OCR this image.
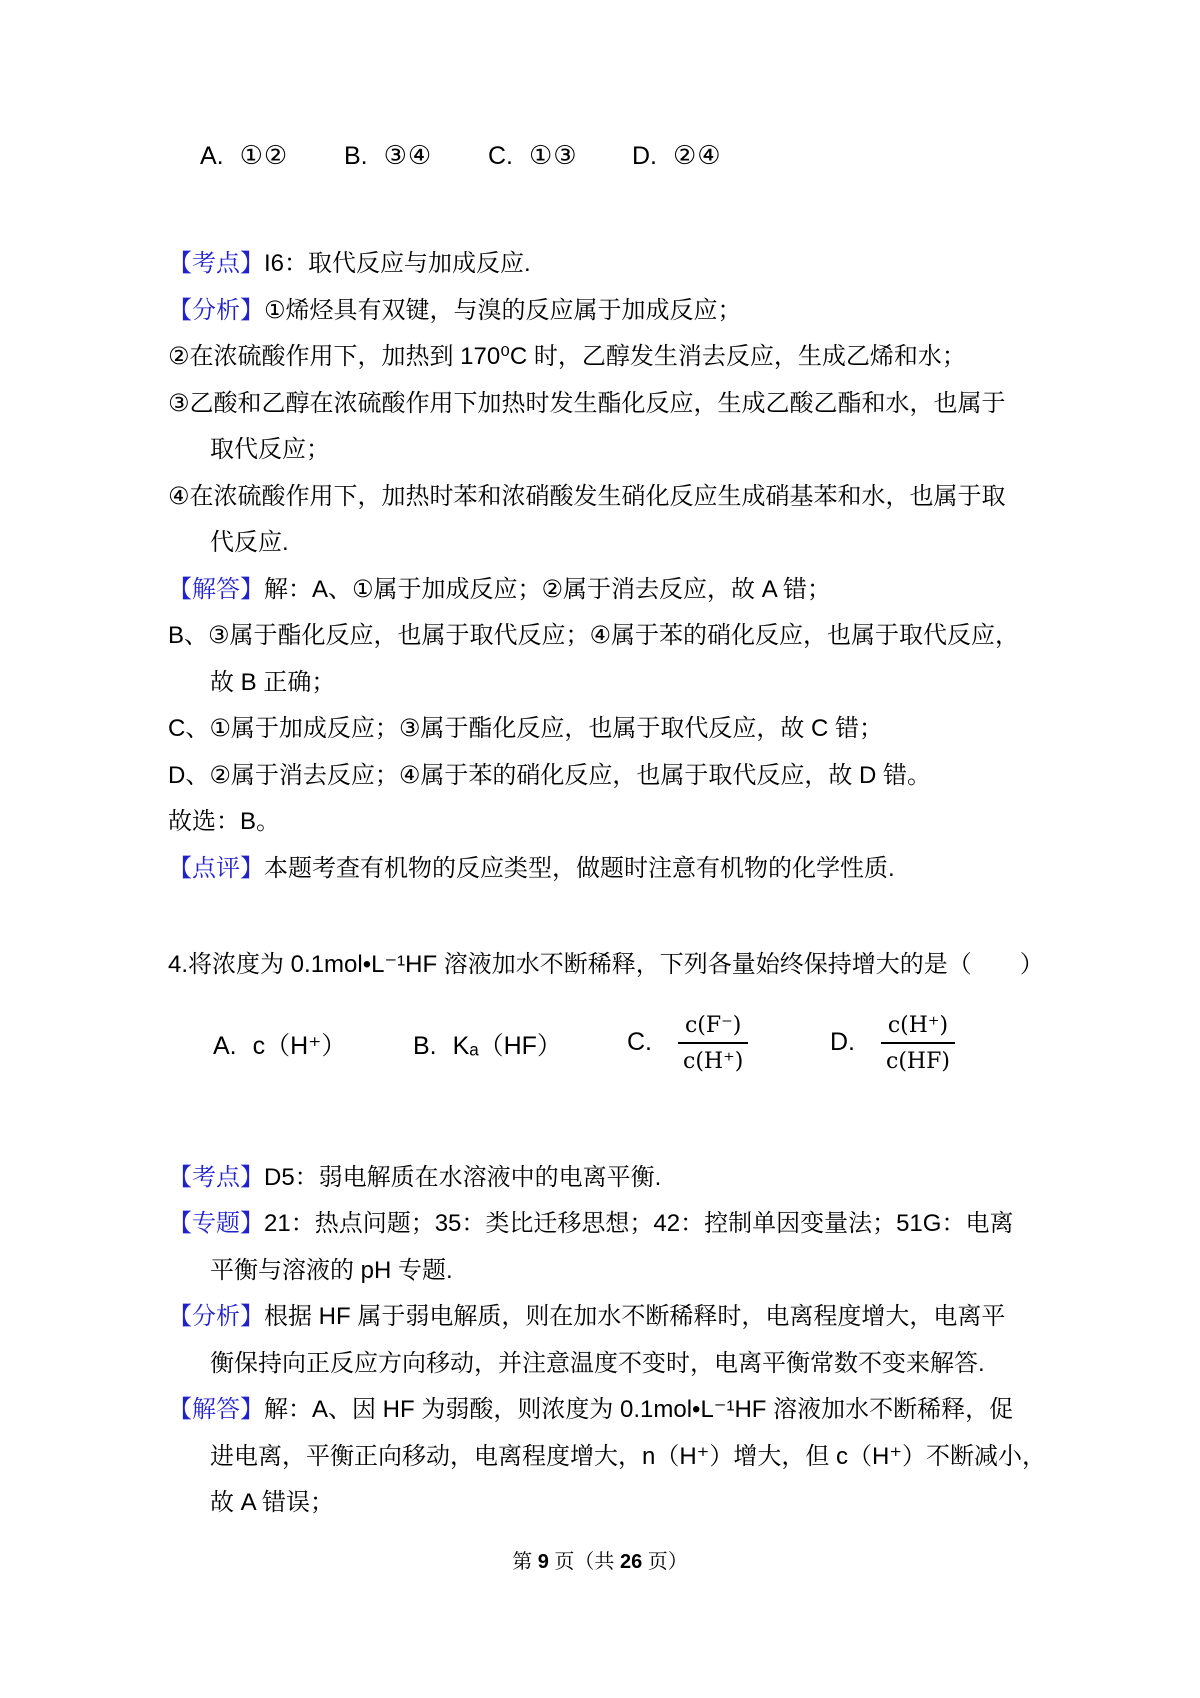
A. ①②	B. ③④	C. ①③	D. ②④

【考点】I6：取代反应与加成反应.

【分析】①烯烃具有双键，与溴的反应属于加成反应；

②在浓硫酸作用下，加热到 170⁰C 时，乙醇发生消去反应，生成乙烯和水；

③乙酸和乙醇在浓硫酸作用下加热时发生酯化反应，生成乙酸乙酯和水，也属于

取代反应；

④在浓硫酸作用下，加热时苯和浓硝酸发生硝化反应生成硝基苯和水，也属于取

代反应.

【解答】解：A、①属于加成反应；②属于消去反应，故 A 错；

B、③属于酯化反应，也属于取代反应；④属于苯的硝化反应，也属于取代反应，

故 B 正确；

C、①属于加成反应；③属于酯化反应，也属于取代反应，故 C 错；

D、②属于消去反应；④属于苯的硝化反应，也属于取代反应，故 D 错。

故选：B。

【点评】本题考查有机物的反应类型，做题时注意有机物的化学性质.

4.将浓度为 0.1mol•L⁻¹HF 溶液加水不断稀释，下列各量始终保持增大的是（　　）

A. c（H⁺）	B. Kₐ（HF）	C. $\frac{c(F^-)}{c(H^+)}$	D. $\frac{c(H^+)}{c(HF)}$

【考点】D5：弱电解质在水溶液中的电离平衡.

【专题】21：热点问题；35：类比迁移思想；42：控制单因变量法；51G：电离

平衡与溶液的 pH 专题.

【分析】根据 HF 属于弱电解质，则在加水不断稀释时，电离程度增大，电离平

衡保持向正反应方向移动，并注意温度不变时，电离平衡常数不变来解答.

【解答】解：A、因 HF 为弱酸，则浓度为 0.1mol•L⁻¹HF 溶液加水不断稀释，促

进电离，平衡正向移动，电离程度增大，n（H⁺）增大，但 c（H⁺）不断减小，

故 A 错误；

第 9 页（共 26 页）
